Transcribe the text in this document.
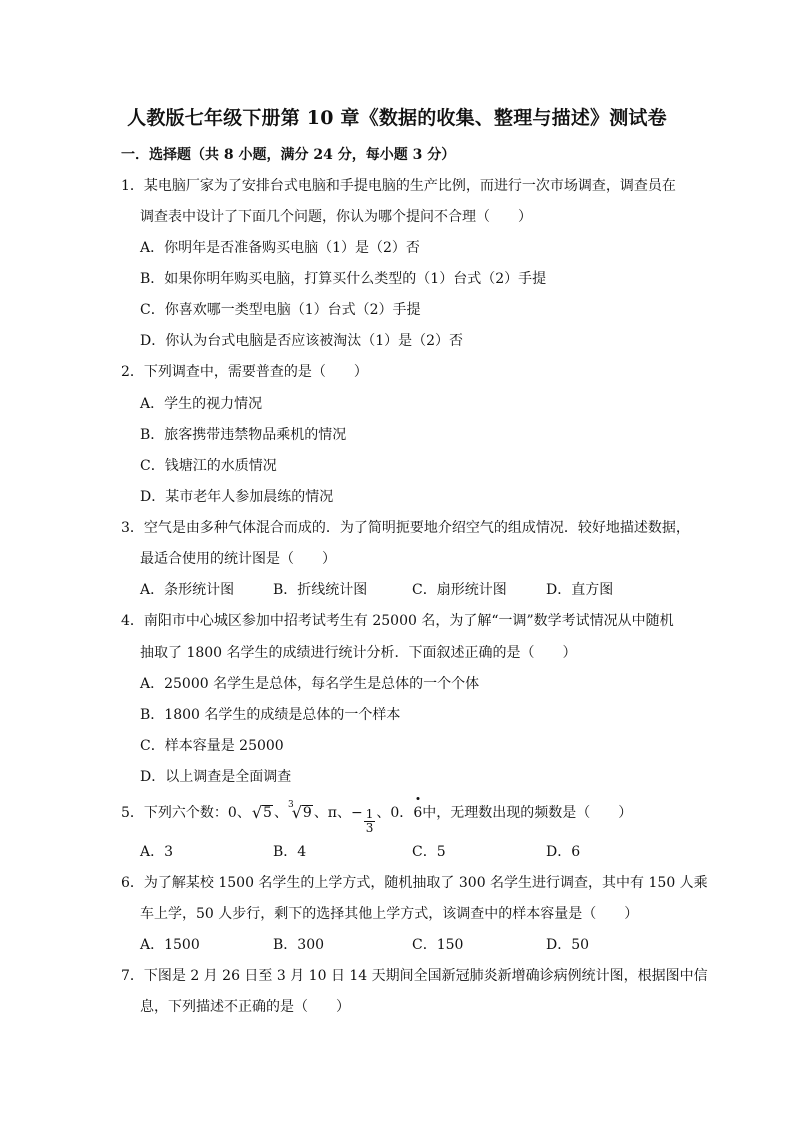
人教版七年级下册第 10 章《数据的收集、整理与描述》测试卷
一．选择题（共 8 小题，满分 24 分，每小题 3 分）
1．某电脑厂家为了安排台式电脑和手提电脑的生产比例，而进行一次市场调查，调查员在
调查表中设计了下面几个问题，你认为哪个提问不合理（　　）
A．你明年是否准备购买电脑（1）是（2）否
B．如果你明年购买电脑，打算买什么类型的（1）台式（2）手提
C．你喜欢哪一类型电脑（1）台式（2）手提
D．你认为台式电脑是否应该被淘汰（1）是（2）否
2．下列调查中，需要普查的是（　　）
A．学生的视力情况
B．旅客携带违禁物品乘机的情况
C．钱塘江的水质情况
D．某市老年人参加晨练的情况
3．空气是由多种气体混合而成的．为了简明扼要地介绍空气的组成情况．较好地描述数据，
最适合使用的统计图是（　　）
A．条形统计图	B．折线统计图	C．扇形统计图	D．直方图
4．南阳市中心城区参加中招考试考生有 25000 名，为了解“一调”数学考试情况从中随机
抽取了 1800 名学生的成绩进行统计分析．下面叙述正确的是（　　）
A．25000 名学生是总体，每名学生是总体的一个个体
B．1800 名学生的成绩是总体的一个样本
C．样本容量是 25000
D．以上调查是全面调查
5．下列六个数：0、 √ 5 、 3
√ 9 、π、− $\frac{1}{3}$ 、0．6中，无理数出现的频数是（　　）
A．3	B．4	C．5	D．6
6．为了解某校 1500 名学生的上学方式，随机抽取了 300 名学生进行调查，其中有 150 人乘
车上学，50 人步行，剩下的选择其他上学方式，该调查中的样本容量是（　　）
A．1500	B．300	C．150	D．50
7．下图是 2 月 26 日至 3 月 10 日 14 天期间全国新冠肺炎新增确诊病例统计图，根据图中信
息，下列描述不正确的是（　　）
